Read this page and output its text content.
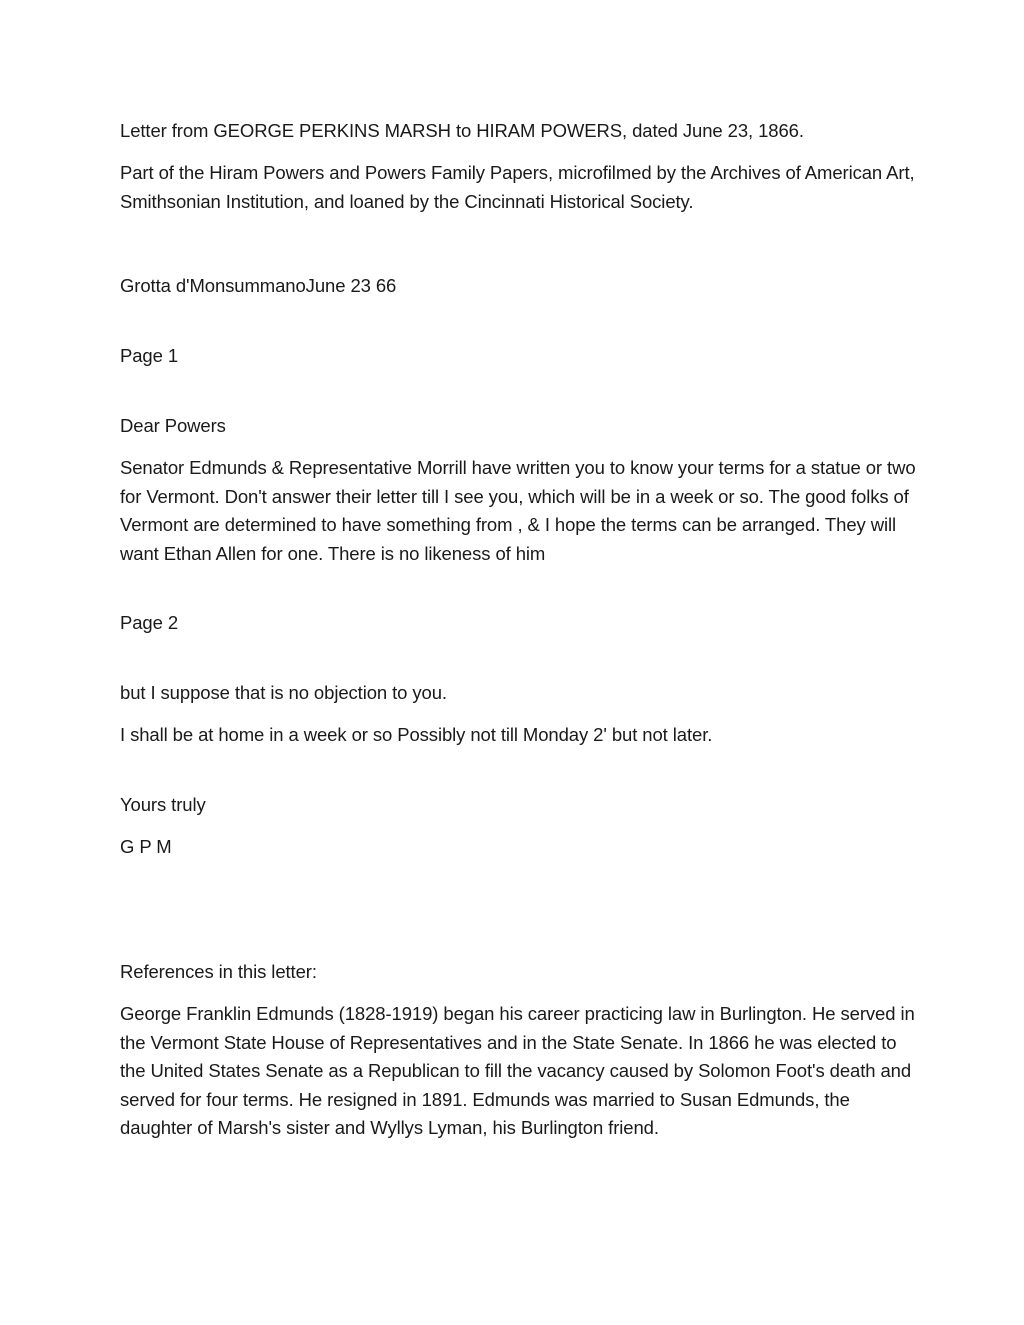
Letter from GEORGE PERKINS MARSH to HIRAM POWERS, dated June 23, 1866.

Part of the Hiram Powers and Powers Family Papers, microfilmed by the Archives of American Art, Smithsonian Institution, and loaned by the Cincinnati Historical Society.

Grotta d'MonsummanoJune 23 66

Page 1

Dear Powers

Senator Edmunds & Representative Morrill have written you to know your terms for a statue or two for Vermont. Don't answer their letter till I see you, which will be in a week or so. The good folks of Vermont are determined to have something from , & I hope the terms can be arranged. They will want Ethan Allen for one. There is no likeness of him

Page 2

but I suppose that is no objection to you.

I shall be at home in a week or so Possibly not till Monday 2' but not later.

Yours truly

G P M

References in this letter:

George Franklin Edmunds (1828-1919) began his career practicing law in Burlington. He served in the Vermont State House of Representatives and in the State Senate. In 1866 he was elected to the United States Senate as a Republican to fill the vacancy caused by Solomon Foot's death and served for four terms. He resigned in 1891. Edmunds was married to Susan Edmunds, the daughter of Marsh's sister and Wyllys Lyman, his Burlington friend.
